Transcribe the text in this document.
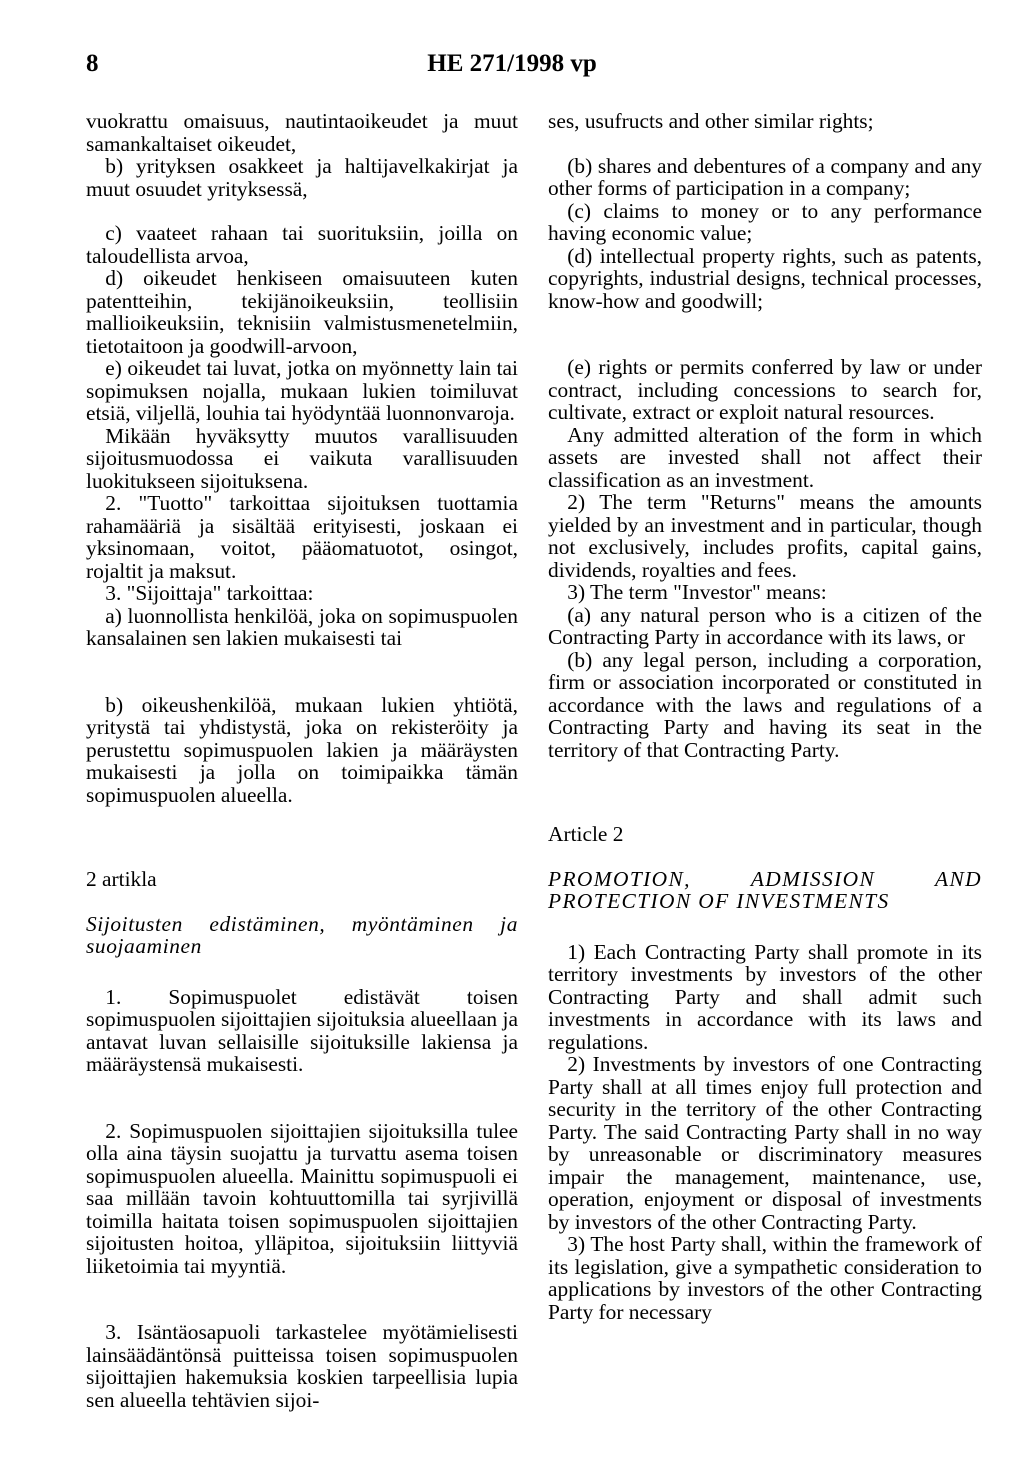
8	HE 271/1998 vp

vuokrattu omaisuus, nautintaoikeudet ja muut samankaltaiset oikeudet,

b) yrityksen osakkeet ja haltijavelkakirjat ja muut osuudet yrityksessä,

c) vaateet rahaan tai suorituksiin, joilla on taloudellista arvoa,

d) oikeudet henkiseen omaisuuteen kuten patentteihin, tekijänoikeuksiin, teollisiin mallioikeuksiin, teknisiin valmistusmenetelmiin, tietotaitoon ja goodwill-arvoon,

e) oikeudet tai luvat, jotka on myönnetty lain tai sopimuksen nojalla, mukaan lukien toimiluvat etsiä, viljellä, louhia tai hyödyntää luonnonvaroja.

Mikään hyväksytty muutos varallisuuden sijoitusmuodossa ei vaikuta varallisuuden luokitukseen sijoituksena.

2. "Tuotto" tarkoittaa sijoituksen tuottamia rahamääriä ja sisältää erityisesti, joskaan ei yksinomaan, voitot, pääomatuotot, osingot, rojaltit ja maksut.

3. "Sijoittaja" tarkoittaa:

a) luonnollista henkilöä, joka on sopimuspuolen kansalainen sen lakien mukaisesti tai

b) oikeushenkilöä, mukaan lukien yhtiötä, yritystä tai yhdistystä, joka on rekisteröity ja perustettu sopimuspuolen lakien ja määräysten mukaisesti ja jolla on toimipaikka tämän sopimuspuolen alueella.

2 artikla

Sijoitusten edistäminen, myöntäminen ja suojaaminen

1. Sopimuspuolet edistävät toisen sopimuspuolen sijoittajien sijoituksia alueellaan ja antavat luvan sellaisille sijoituksille lakiensa ja määräystensä mukaisesti.

2. Sopimuspuolen sijoittajien sijoituksilla tulee olla aina täysin suojattu ja turvattu asema toisen sopimuspuolen alueella. Mainittu sopimuspuoli ei saa millään tavoin kohtuuttomilla tai syrjivillä toimilla haitata toisen sopimuspuolen sijoittajien sijoitusten hoitoa, ylläpitoa, sijoituksiin liittyviä liiketoimia tai myyntiä.

3. Isäntäosapuoli tarkastelee myötämielisesti lainsäädäntönsä puitteissa toisen sopimuspuolen sijoittajien hakemuksia koskien tarpeellisia lupia sen alueella tehtävien sijoi-

ses, usufructs and other similar rights;

(b) shares and debentures of a company and any other forms of participation in a company;

(c) claims to money or to any performance having economic value;

(d) intellectual property rights, such as patents, copyrights, industrial designs, technical processes, know-how and goodwill;

(e) rights or permits conferred by law or under contract, including concessions to search for, cultivate, extract or exploit natural resources.

Any admitted alteration of the form in which assets are invested shall not affect their classification as an investment.

2) The term "Returns" means the amounts yielded by an investment and in particular, though not exclusively, includes profits, capital gains, dividends, royalties and fees.

3) The term "Investor" means:

(a) any natural person who is a citizen of the Contracting Party in accordance with its laws, or

(b) any legal person, including a corporation, firm or association incorporated or constituted in accordance with the laws and regulations of a Contracting Party and having its seat in the territory of that Contracting Party.

Article 2

PROMOTION, ADMISSION AND PROTECTION OF INVESTMENTS

1) Each Contracting Party shall promote in its territory investments by investors of the other Contracting Party and shall admit such investments in accordance with its laws and regulations.

2) Investments by investors of one Contracting Party shall at all times enjoy full protection and security in the territory of the other Contracting Party. The said Contracting Party shall in no way by unreasonable or discriminatory measures impair the management, maintenance, use, operation, enjoyment or disposal of investments by investors of the other Contracting Party.

3) The host Party shall, within the framework of its legislation, give a sympathetic consideration to applications by investors of the other Contracting Party for necessary
